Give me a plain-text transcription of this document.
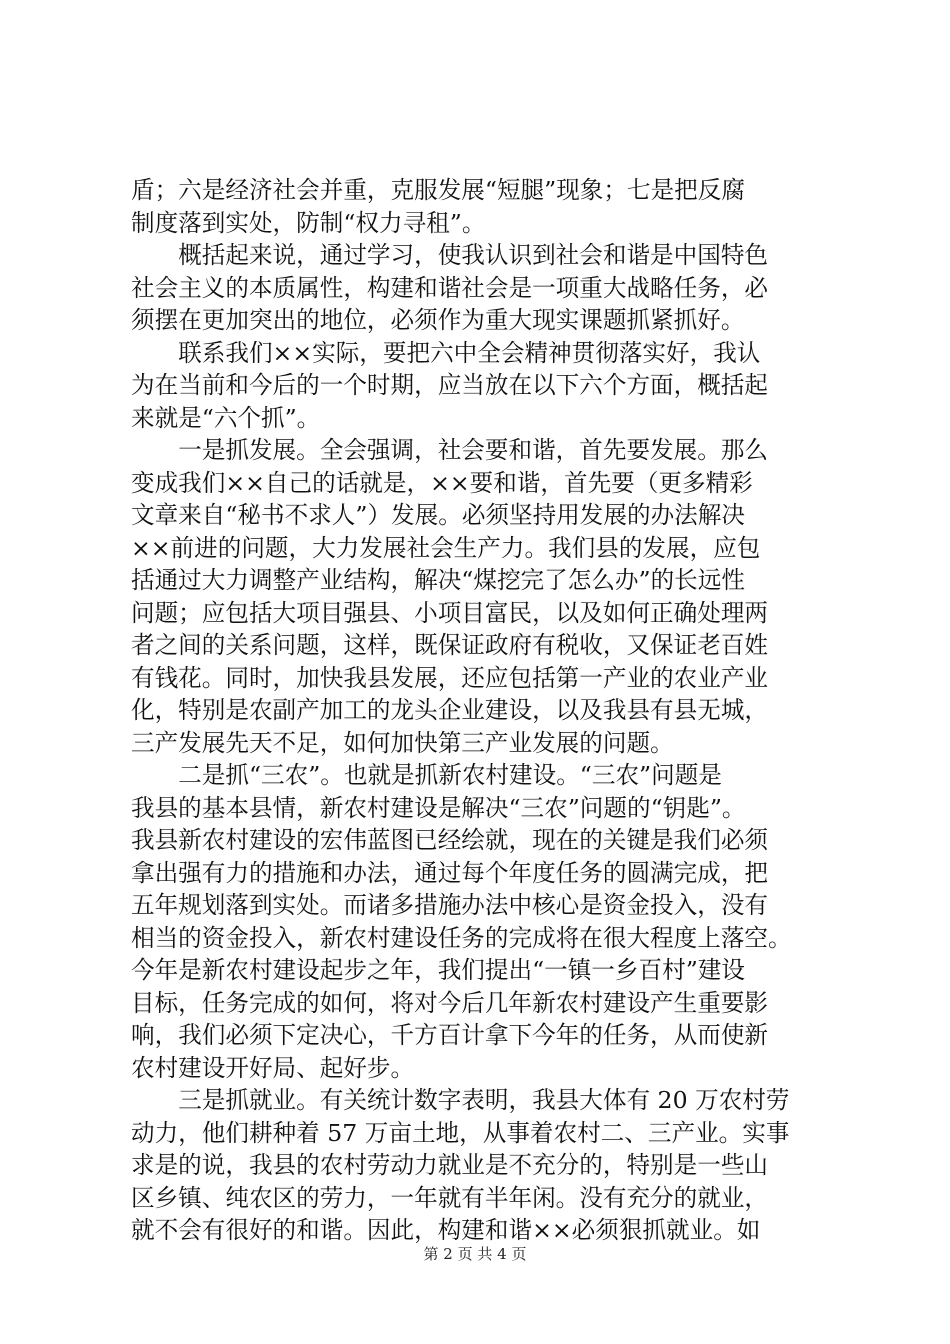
盾；六是经济社会并重，克服发展“短腿”现象；七是把反腐
制度落到实处，防制“权力寻租”。

概括起来说，通过学习，使我认识到社会和谐是中国特色
社会主义的本质属性，构建和谐社会是一项重大战略任务，必
须摆在更加突出的地位，必须作为重大现实课题抓紧抓好。

联系我们××实际，要把六中全会精神贯彻落实好，我认
为在当前和今后的一个时期，应当放在以下六个方面，概括起
来就是“六个抓”。

一是抓发展。全会强调，社会要和谐，首先要发展。那么
变成我们××自己的话就是，××要和谐，首先要（更多精彩
文章来自“秘书不求人”）发展。必须坚持用发展的办法解决
××前进的问题，大力发展社会生产力。我们县的发展，应包
括通过大力调整产业结构，解决“煤挖完了怎么办”的长远性
问题；应包括大项目强县、小项目富民，以及如何正确处理两
者之间的关系问题，这样，既保证政府有税收，又保证老百姓
有钱花。同时，加快我县发展，还应包括第一产业的农业产业
化，特别是农副产加工的龙头企业建设，以及我县有县无城，
三产发展先天不足，如何加快第三产业发展的问题。

二是抓“三农”。也就是抓新农村建设。“三农”问题是
我县的基本县情，新农村建设是解决“三农”问题的“钥匙”。
我县新农村建设的宏伟蓝图已经绘就，现在的关键是我们必须
拿出强有力的措施和办法，通过每个年度任务的圆满完成，把
五年规划落到实处。而诸多措施办法中核心是资金投入，没有
相当的资金投入，新农村建设任务的完成将在很大程度上落空。
今年是新农村建设起步之年，我们提出“一镇一乡百村”建设
目标，任务完成的如何，将对今后几年新农村建设产生重要影
响，我们必须下定决心，千方百计拿下今年的任务，从而使新
农村建设开好局、起好步。

三是抓就业。有关统计数字表明，我县大体有 20 万农村劳
动力，他们耕种着 57 万亩土地，从事着农村二、三产业。实事
求是的说，我县的农村劳动力就业是不充分的，特别是一些山
区乡镇、纯农区的劳力，一年就有半年闲。没有充分的就业，
就不会有很好的和谐。因此，构建和谐××必须狠抓就业。如

第 2 页 共 4 页
